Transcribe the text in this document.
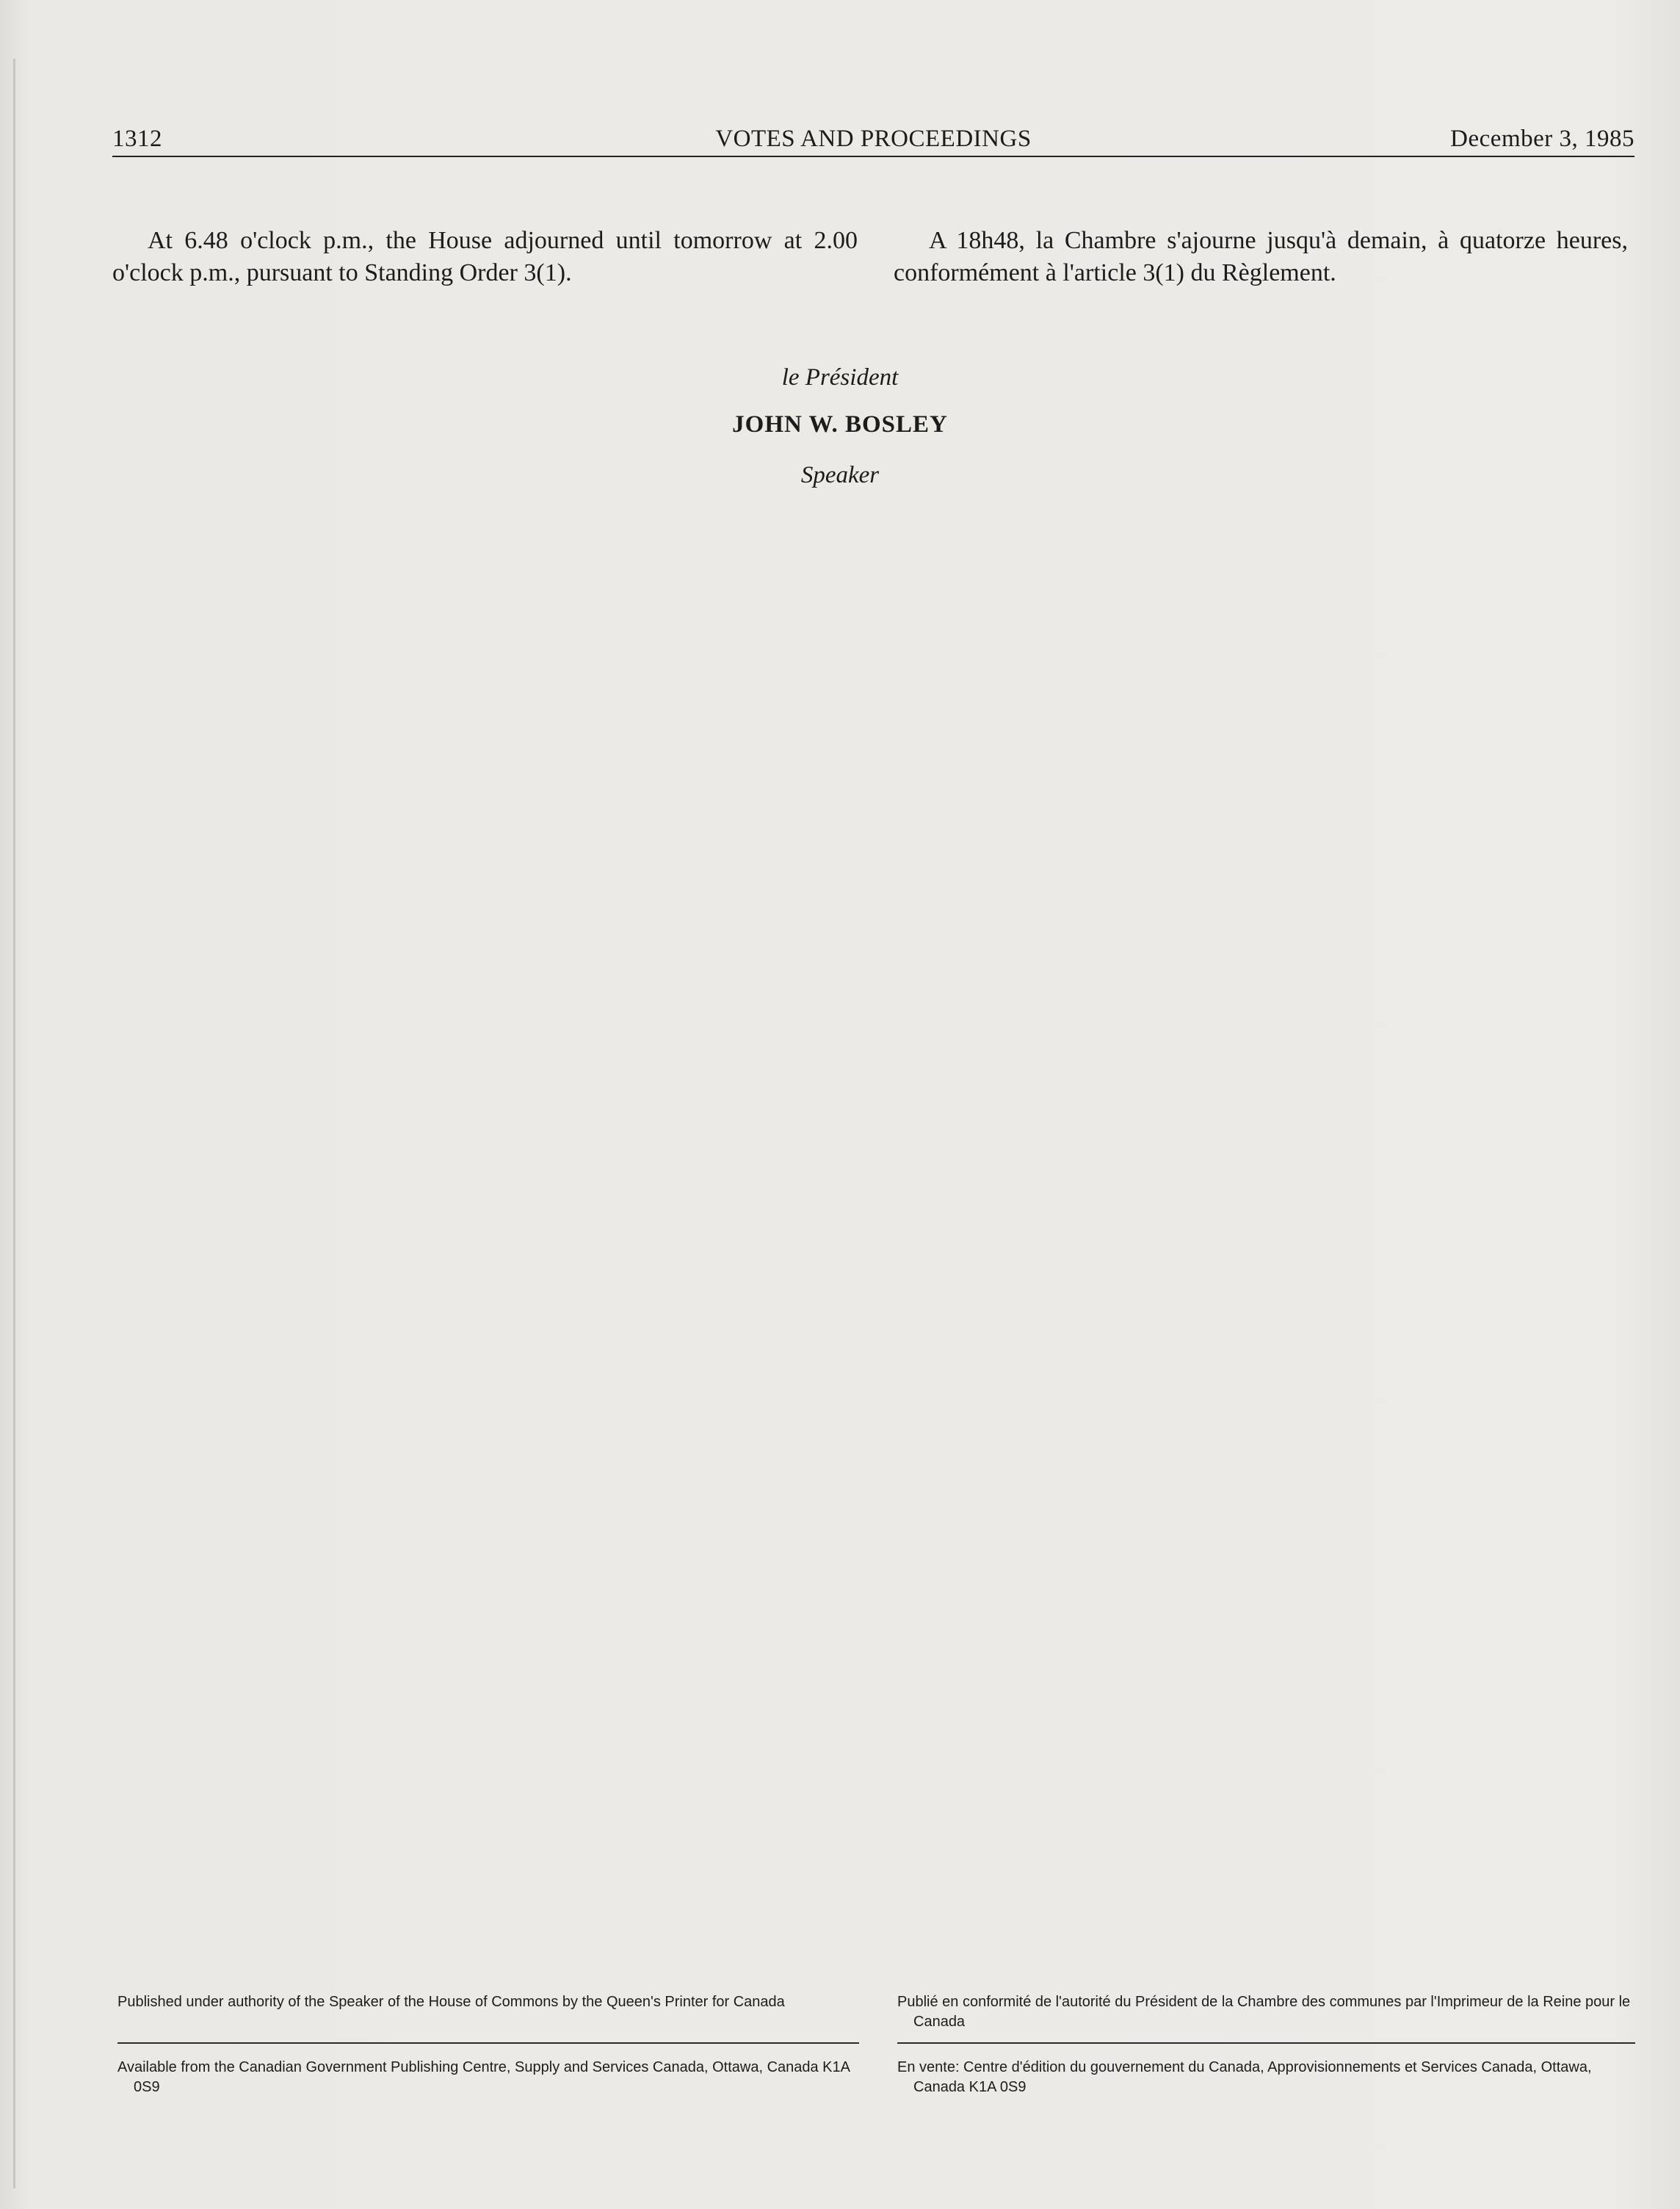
1312	VOTES AND PROCEEDINGS	December 3, 1985

At 6.48 o'clock p.m., the House adjourned until tomorrow at 2.00 o'clock p.m., pursuant to Standing Order 3(1).

A 18h48, la Chambre s'ajourne jusqu'à demain, à quatorze heures, conformément à l'article 3(1) du Règlement.

le Président
JOHN W. BOSLEY
Speaker

Published under authority of the Speaker of the House of Commons by the Queen's Printer for Canada	Publié en conformité de l'autorité du Président de la Chambre des communes par l'Imprimeur de la Reine pour le Canada

Available from the Canadian Government Publishing Centre, Supply and Services Canada, Ottawa, Canada K1A 0S9

En vente: Centre d'édition du gouvernement du Canada, Approvisionnements et Services Canada, Ottawa, Canada K1A 0S9
